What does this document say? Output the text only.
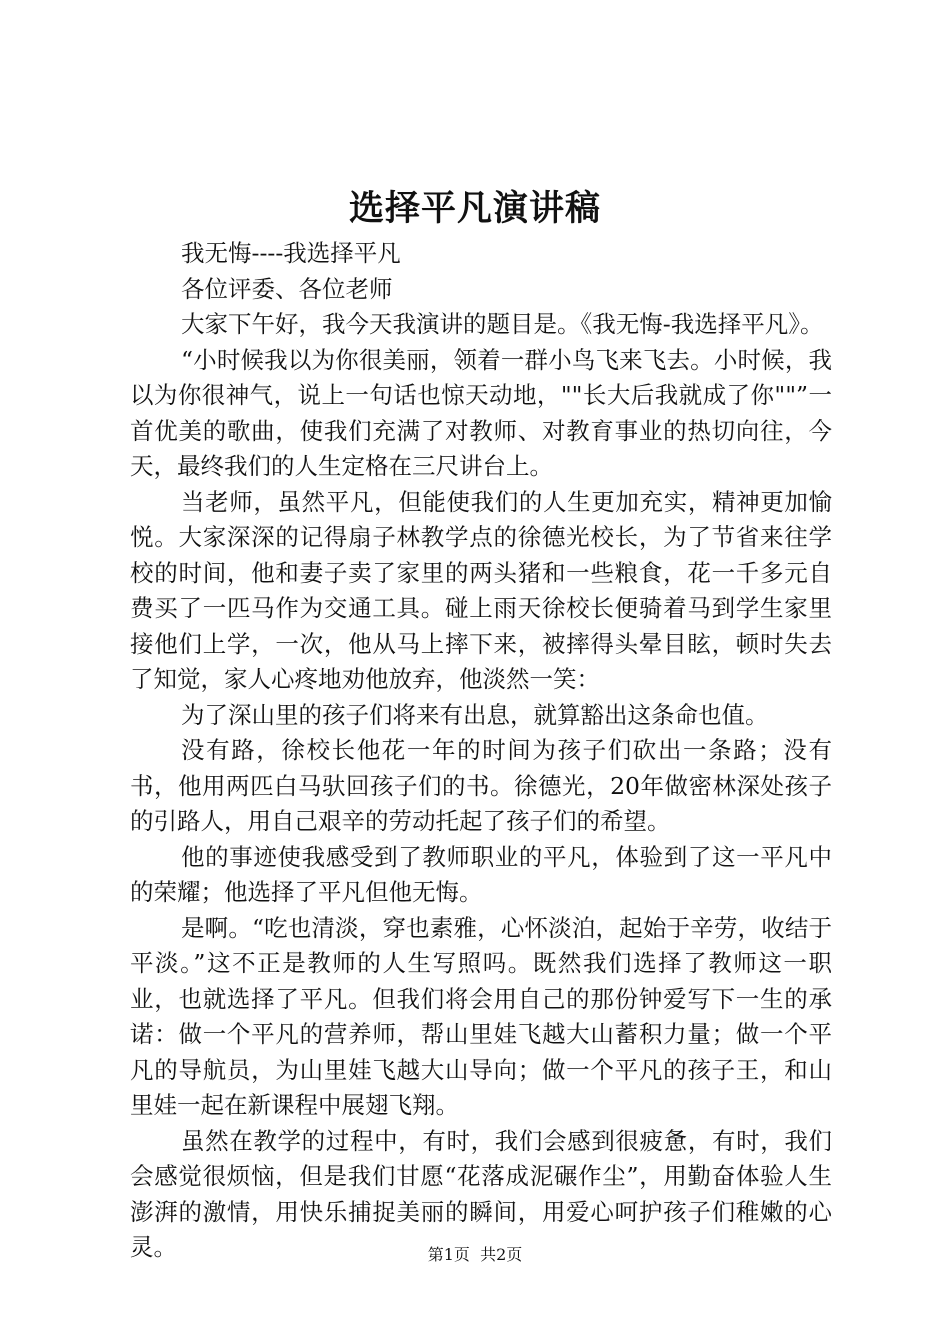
选择平凡演讲稿

我无悔----我选择平凡

各位评委、各位老师

大家下午好，我今天我演讲的题目是。《我无悔-我选择平凡》。

“小时候我以为你很美丽，领着一群小鸟飞来飞去。小时候，我以为你很神气，说上一句话也惊天动地，""长大后我就成了你""”一首优美的歌曲，使我们充满了对教师、对教育事业的热切向往，今天，最终我们的人生定格在三尺讲台上。

当老师，虽然平凡，但能使我们的人生更加充实，精神更加愉悦。大家深深的记得扇子林教学点的徐德光校长，为了节省来往学校的时间，他和妻子卖了家里的两头猪和一些粮食，花一千多元自费买了一匹马作为交通工具。碰上雨天徐校长便骑着马到学生家里接他们上学，一次，他从马上摔下来，被摔得头晕目眩，顿时失去了知觉，家人心疼地劝他放弃，他淡然一笑：

为了深山里的孩子们将来有出息，就算豁出这条命也值。

没有路，徐校长他花一年的时间为孩子们砍出一条路；没有书，他用两匹白马驮回孩子们的书。徐德光，20年做密林深处孩子的引路人，用自己艰辛的劳动托起了孩子们的希望。

他的事迹使我感受到了教师职业的平凡，体验到了这一平凡中的荣耀；他选择了平凡但他无悔。

是啊。“吃也清淡，穿也素雅，心怀淡泊，起始于辛劳，收结于平淡。”这不正是教师的人生写照吗。既然我们选择了教师这一职业，也就选择了平凡。但我们将会用自己的那份钟爱写下一生的承诺：做一个平凡的营养师，帮山里娃飞越大山蓄积力量；做一个平凡的导航员，为山里娃飞越大山导向；做一个平凡的孩子王，和山里娃一起在新课程中展翅飞翔。

虽然在教学的过程中，有时，我们会感到很疲惫，有时，我们会感觉很烦恼，但是我们甘愿“花落成泥碾作尘”，用勤奋体验人生澎湃的激情，用快乐捕捉美丽的瞬间，用爱心呵护孩子们稚嫩的心灵。	第1页 共2页
